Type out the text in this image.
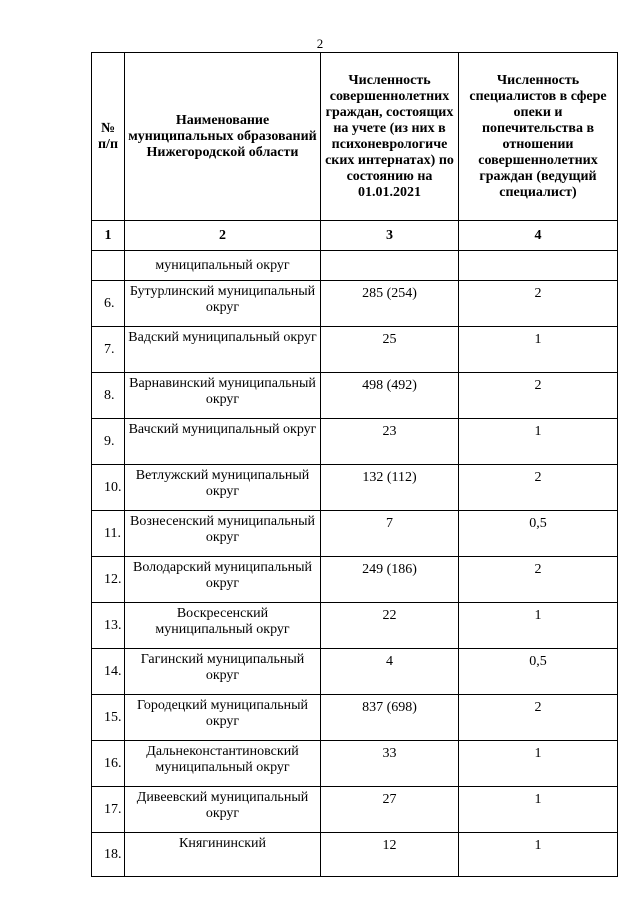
2
№ п/п	Наименование муниципальных образований Нижегородской области	Численность совершеннолетних граждан, состоящих на учете (из них в психоневрологиче ских интернатах) по состоянию на 01.01.2021	Численность специалистов в сфере опеки и попечительства в отношении совершеннолетних граждан (ведущий специалист)
1	2	3	4
	муниципальный округ		
6.	Бутурлинский муниципальный округ	285 (254)	2
7.	Вадский муниципальный округ	25	1
8.	Варнавинский муниципальный округ	498 (492)	2
9.	Вачский муниципальный округ	23	1
10.	Ветлужский муниципальный округ	132 (112)	2
11.	Вознесенский муниципальный округ	7	0,5
12.	Володарский муниципальный округ	249 (186)	2
13.	Воскресенский муниципальный округ	22	1
14.	Гагинский муниципальный округ	4	0,5
15.	Городецкий муниципальный округ	837 (698)	2
16.	Дальнеконстантиновский муниципальный округ	33	1
17.	Дивеевский муниципальный округ	27	1
18.	Княгининский	12	1
